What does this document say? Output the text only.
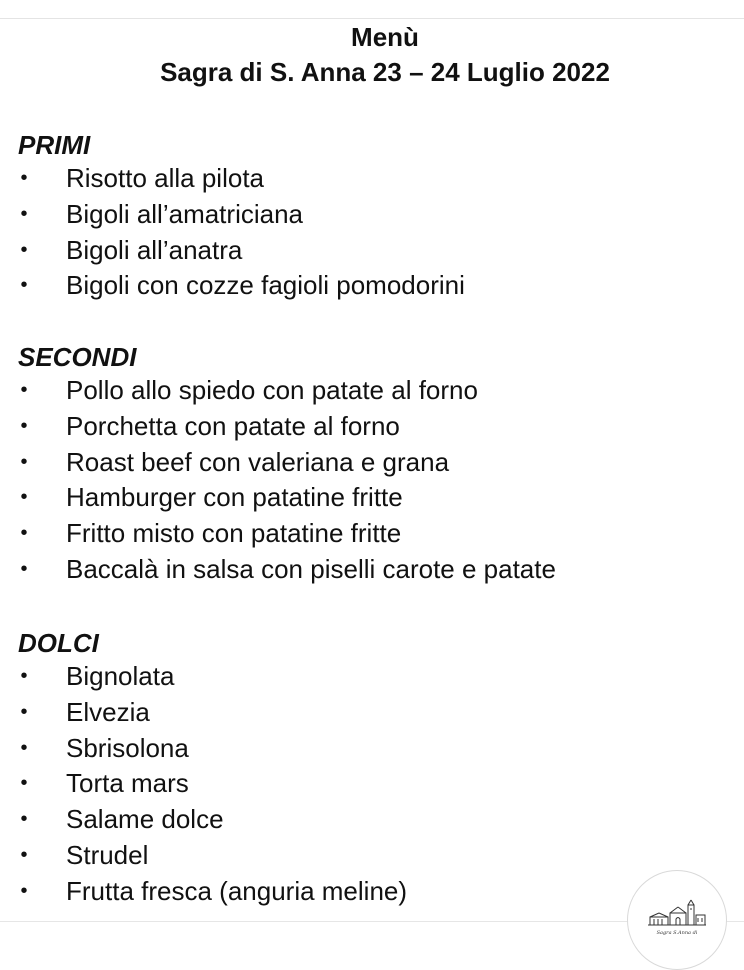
Menù

Sagra di S. Anna 23 – 24 Luglio 2022

PRIMI

• Risotto alla pilota
• Bigoli all’amatriciana
• Bigoli all’anatra
• Bigoli con cozze fagioli pomodorini

SECONDI

• Pollo allo spiedo con patate al forno
• Porchetta con patate al forno
• Roast beef con valeriana e grana
• Hamburger con patatine fritte
• Fritto misto con patatine fritte
• Baccalà in salsa con piselli carote e patate

DOLCI

• Bignolata
• Elvezia
• Sbrisolona
• Torta mars
• Salame dolce
• Strudel
• Frutta fresca (anguria meline)
Sagra S.Anna di
